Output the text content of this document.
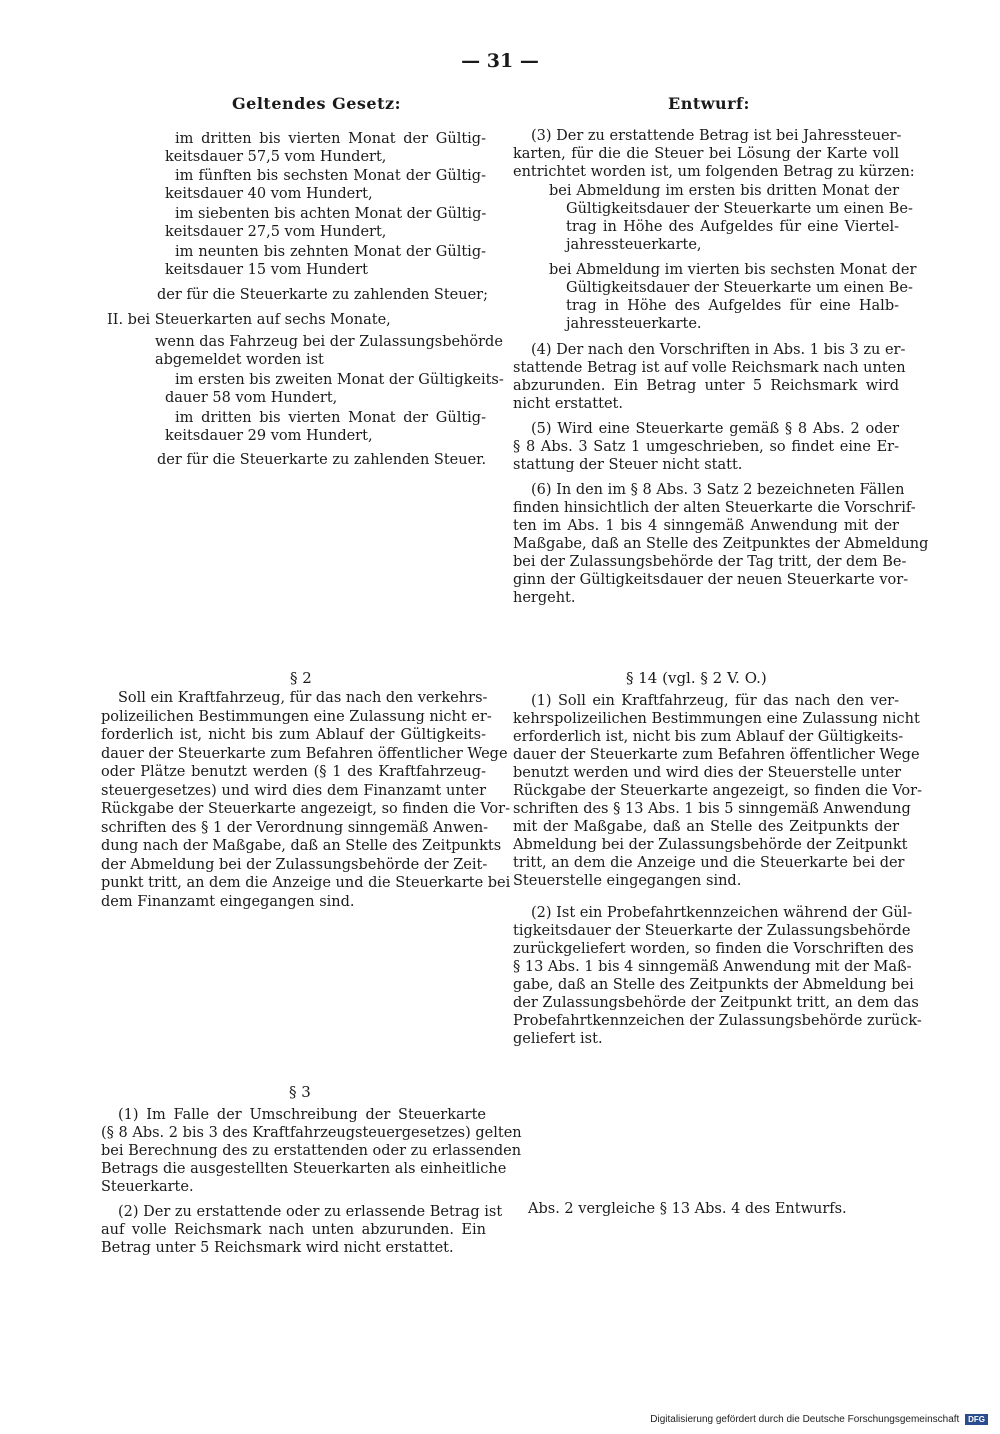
— 31 —
Geltendes Gesetz:	Entwurf:
im dritten bis vierten Monat der Gültig-
keitsdauer 57,5 vom Hundert,
im fünften bis sechsten Monat der Gültig-
keitsdauer 40 vom Hundert,
im siebenten bis achten Monat der Gültig-
keitsdauer 27,5 vom Hundert,
im neunten bis zehnten Monat der Gültig-
keitsdauer 15 vom Hundert
der für die Steuerkarte zu zahlenden Steuer;
II. bei Steuerkarten auf sechs Monate,
wenn das Fahrzeug bei der Zulassungsbehörde
abgemeldet worden ist
im ersten bis zweiten Monat der Gültigkeits-
dauer 58 vom Hundert,
im dritten bis vierten Monat der Gültig-
keitsdauer 29 vom Hundert,
der für die Steuerkarte zu zahlenden Steuer.
(3) Der zu erstattende Betrag ist bei Jahressteuer-
karten, für die die Steuer bei Lösung der Karte voll
entrichtet worden ist, um folgenden Betrag zu kürzen:
bei Abmeldung im ersten bis dritten Monat der
Gültigkeitsdauer der Steuerkarte um einen Be-
trag in Höhe des Aufgeldes für eine Viertel-
jahressteuerkarte,
bei Abmeldung im vierten bis sechsten Monat der
Gültigkeitsdauer der Steuerkarte um einen Be-
trag in Höhe des Aufgeldes für eine Halb-
jahressteuerkarte.
(4) Der nach den Vorschriften in Abs. 1 bis 3 zu er-
stattende Betrag ist auf volle Reichsmark nach unten
abzurunden. Ein Betrag unter 5 Reichsmark wird
nicht erstattet.
(5) Wird eine Steuerkarte gemäß § 8 Abs. 2 oder
§ 8 Abs. 3 Satz 1 umgeschrieben, so findet eine Er-
stattung der Steuer nicht statt.
(6) In den im § 8 Abs. 3 Satz 2 bezeichneten Fällen
finden hinsichtlich der alten Steuerkarte die Vorschrif-
ten im Abs. 1 bis 4 sinngemäß Anwendung mit der
Maßgabe, daß an Stelle des Zeitpunktes der Abmeldung
bei der Zulassungsbehörde der Tag tritt, der dem Be-
ginn der Gültigkeitsdauer der neuen Steuerkarte vor-
hergeht.
§ 2
Soll ein Kraftfahrzeug, für das nach den verkehrs-
polizeilichen Bestimmungen eine Zulassung nicht er-
forderlich ist, nicht bis zum Ablauf der Gültigkeits-
dauer der Steuerkarte zum Befahren öffentlicher Wege
oder Plätze benutzt werden (§ 1 des Kraftfahrzeug-
steuergesetzes) und wird dies dem Finanzamt unter
Rückgabe der Steuerkarte angezeigt, so finden die Vor-
schriften des § 1 der Verordnung sinngemäß Anwen-
dung nach der Maßgabe, daß an Stelle des Zeitpunkts
der Abmeldung bei der Zulassungsbehörde der Zeit-
punkt tritt, an dem die Anzeige und die Steuerkarte bei
dem Finanzamt eingegangen sind.
§ 14 (vgl. § 2 V. O.)
(1) Soll ein Kraftfahrzeug, für das nach den ver-
kehrspolizeilichen Bestimmungen eine Zulassung nicht
erforderlich ist, nicht bis zum Ablauf der Gültigkeits-
dauer der Steuerkarte zum Befahren öffentlicher Wege
benutzt werden und wird dies der Steuerstelle unter
Rückgabe der Steuerkarte angezeigt, so finden die Vor-
schriften des § 13 Abs. 1 bis 5 sinngemäß Anwendung
mit der Maßgabe, daß an Stelle des Zeitpunkts der
Abmeldung bei der Zulassungsbehörde der Zeitpunkt
tritt, an dem die Anzeige und die Steuerkarte bei der
Steuerstelle eingegangen sind.
(2) Ist ein Probefahrtkennzeichen während der Gül-
tigkeitsdauer der Steuerkarte der Zulassungsbehörde
zurückgeliefert worden, so finden die Vorschriften des
§ 13 Abs. 1 bis 4 sinngemäß Anwendung mit der Maß-
gabe, daß an Stelle des Zeitpunkts der Abmeldung bei
der Zulassungsbehörde der Zeitpunkt tritt, an dem das
Probefahrtkennzeichen der Zulassungsbehörde zurück-
geliefert ist.
§ 3
(1) Im Falle der Umschreibung der Steuerkarte
(§ 8 Abs. 2 bis 3 des Kraftfahrzeugsteuergesetzes) gelten
bei Berechnung des zu erstattenden oder zu erlassenden
Betrags die ausgestellten Steuerkarten als einheitliche
Steuerkarte.
(2) Der zu erstattende oder zu erlassende Betrag ist
auf volle Reichsmark nach unten abzurunden. Ein
Betrag unter 5 Reichsmark wird nicht erstattet.
Abs. 2 vergleiche § 13 Abs. 4 des Entwurfs.
Digitalisierung gefördert durch die Deutsche Forschungsgemeinschaft DFG
